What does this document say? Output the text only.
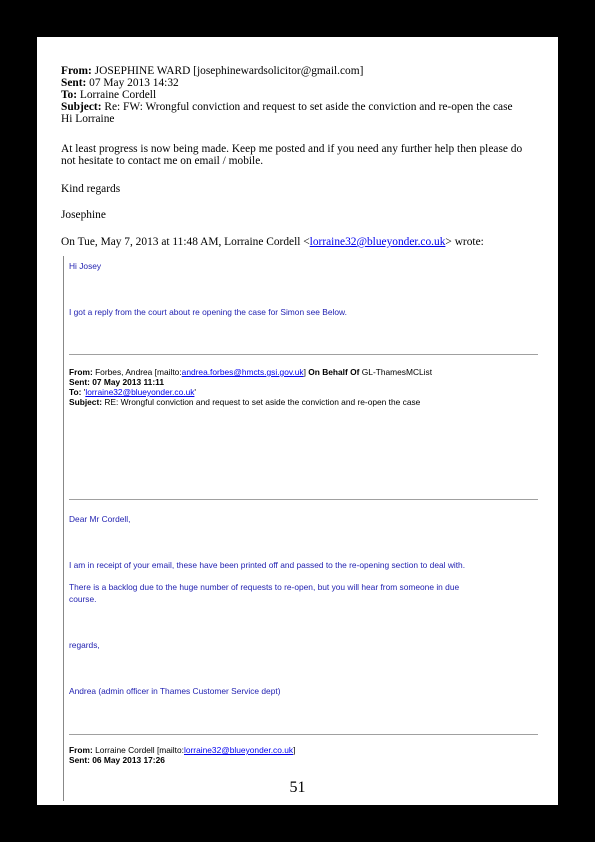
From: JOSEPHINE WARD [josephinewardsolicitor@gmail.com]
Sent: 07 May 2013 14:32
To: Lorraine Cordell
Subject: Re: FW: Wrongful conviction and request to set aside the conviction and re-open the case
Hi Lorraine
At least progress is now being made. Keep me posted and if you need any further help then please do
not hesitate to contact me on email / mobile.
Kind regards
Josephine
On Tue, May 7, 2013 at 11:48 AM, Lorraine Cordell <lorraine32@blueyonder.co.uk> wrote:
Hi Josey
I got a reply from the court about re opening the case for Simon see Below.
From: Forbes, Andrea [mailto:andrea.forbes@hmcts.gsi.gov.uk] On Behalf Of GL-ThamesMCList
Sent: 07 May 2013 11:11
To: 'lorraine32@blueyonder.co.uk'
Subject: RE: Wrongful conviction and request to set aside the conviction and re-open the case
Dear Mr Cordell,
I am in receipt of your email, these have been printed off and passed to the re-opening section to deal with.
There is a backlog due to the huge number of requests to re-open, but you will hear from someone in due
course.
regards,
Andrea (admin officer in Thames Customer Service dept)
From: Lorraine Cordell [mailto:lorraine32@blueyonder.co.uk]
Sent: 06 May 2013 17:26
51
